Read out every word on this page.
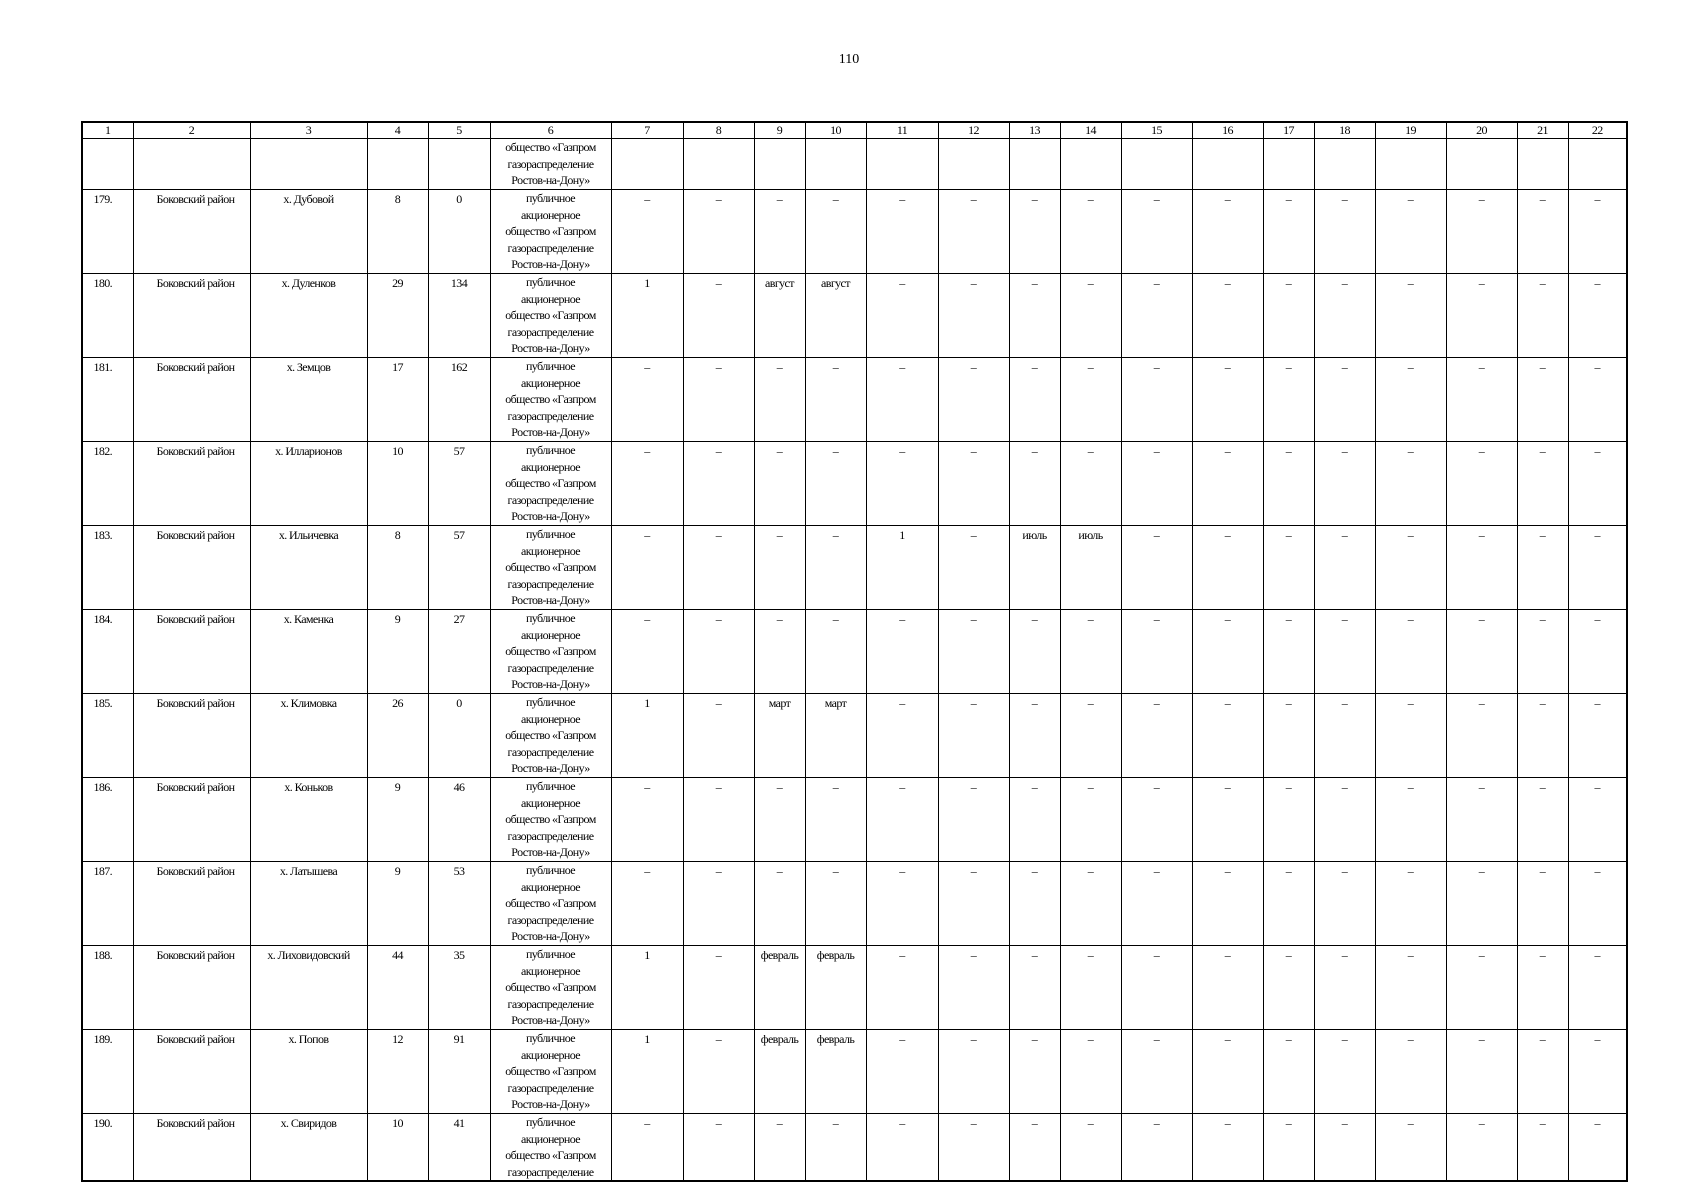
110
1	2	3	4	5	6	7	8	9	10	11	12	13	14	15	16	17	18	19	20	21	22

					общество «Газпром
газораспределение
Ростов-на-Дону»																

179.	Боковский район	х. Дубовой	8	0	публичное
акционерное
общество «Газпром
газораспределение
Ростов-на-Дону»	–	–	–	–	–	–	–	–	–	–	–	–	–	–	–	–
180.	Боковский район	х. Дуленков	29	134	публичное
акционерное
общество «Газпром
газораспределение
Ростов-на-Дону»	1	–	август	август	–	–	–	–	–	–	–	–	–	–	–	–
181.	Боковский район	х. Земцов	17	162	публичное
акционерное
общество «Газпром
газораспределение
Ростов-на-Дону»	–	–	–	–	–	–	–	–	–	–	–	–	–	–	–	–
182.	Боковский район	х. Илларионов	10	57	публичное
акционерное
общество «Газпром
газораспределение
Ростов-на-Дону»	–	–	–	–	–	–	–	–	–	–	–	–	–	–	–	–
183.	Боковский район	х. Ильичевка	8	57	публичное
акционерное
общество «Газпром
газораспределение
Ростов-на-Дону»	–	–	–	–	1	–	июль	июль	–	–	–	–	–	–	–	–
184.	Боковский район	х. Каменка	9	27	публичное
акционерное
общество «Газпром
газораспределение
Ростов-на-Дону»	–	–	–	–	–	–	–	–	–	–	–	–	–	–	–	–
185.	Боковский район	х. Климовка	26	0	публичное
акционерное
общество «Газпром
газораспределение
Ростов-на-Дону»	1	–	март	март	–	–	–	–	–	–	–	–	–	–	–	–
186.	Боковский район	х. Коньков	9	46	публичное
акционерное
общество «Газпром
газораспределение
Ростов-на-Дону»	–	–	–	–	–	–	–	–	–	–	–	–	–	–	–	–
187.	Боковский район	х. Латышева	9	53	публичное
акционерное
общество «Газпром
газораспределение
Ростов-на-Дону»	–	–	–	–	–	–	–	–	–	–	–	–	–	–	–	–
188.	Боковский район	х. Лиховидовский	44	35	публичное
акционерное
общество «Газпром
газораспределение
Ростов-на-Дону»	1	–	февраль	февраль	–	–	–	–	–	–	–	–	–	–	–	–
189.	Боковский район	х. Попов	12	91	публичное
акционерное
общество «Газпром
газораспределение
Ростов-на-Дону»	1	–	февраль	февраль	–	–	–	–	–	–	–	–	–	–	–	–
190.	Боковский район	х. Свиридов	10	41	публичное
акционерное
общество «Газпром
газораспределение	–	–	–	–	–	–	–	–	–	–	–	–	–	–	–	–
